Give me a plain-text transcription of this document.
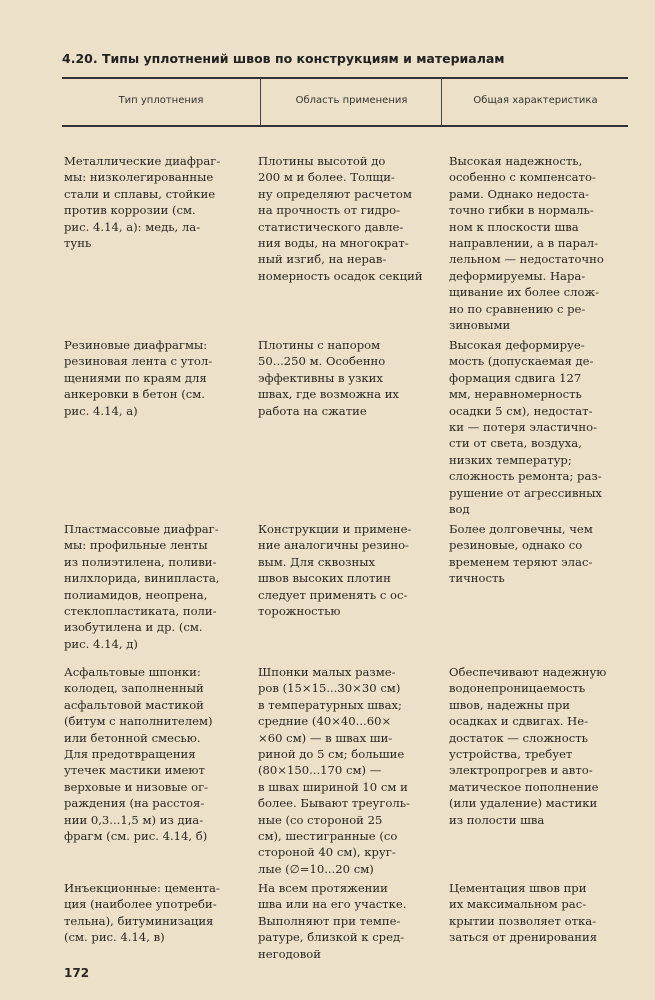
4.20. Типы уплотнений швов по конструкциям и материалам
Тип уплотнения	Область применения	Общая характеристика
Металлические диафраг-
мы: низколегированные
стали и сплавы, стойкие
против коррозии (см.
рис. 4.14, а): медь, ла-
тунь
Плотины высотой до
200 м и более. Толщи-
ну определяют расчетом
на прочность от гидро-
статистического давле-
ния воды, на многократ-
ный изгиб, на нерав-
номерность осадок секций
Высокая надежность,
особенно с компенсато-
рами. Однако недоста-
точно гибки в нормаль-
ном к плоскости шва
направлении, а в парал-
лельном — недостаточно
деформируемы. Нара-
щивание их более слож-
но по сравнению с ре-
зиновыми
Резиновые диафрагмы:
резиновая лента с утол-
щениями по краям для
анкеровки в бетон (см.
рис. 4.14, а)
Плотины с напором
50...250 м. Особенно
эффективны в узких
швах, где возможна их
работа на сжатие
Высокая деформируе-
мость (допускаемая де-
формация сдвига 127
мм, неравномерность
осадки 5 см), недостат-
ки — потеря эластично-
сти от света, воздуха,
низких температур;
сложность ремонта; раз-
рушение от агрессивных
вод
Пластмассовые диафраг-
мы: профильные ленты
из полиэтилена, поливи-
нилхлорида, винипласта,
полиамидов, неопрена,
стеклопластиката, поли-
изобутилена и др. (см.
рис. 4.14, д)
Конструкции и примене-
ние аналогичны резино-
вым. Для сквозных
швов высоких плотин
следует применять с ос-
торожностью
Более долговечны, чем
резиновые, однако со
временем теряют элас-
тичность
Асфальтовые шпонки:
колодец, заполненный
асфальтовой мастикой
(битум с наполнителем)
или бетонной смесью.
Для предотвращения
утечек мастики имеют
верховые и низовые ог-
раждения (на расстоя-
нии 0,3...1,5 м) из диа-
фрагм (см. рис. 4.14, б)
Шпонки малых разме-
ров (15×15...30×30 см)
в температурных швах;
средние (40×40...60×
×60 см) — в швах ши-
риной до 5 см; большие
(80×150...170 см) —
в швах шириной 10 см и
более. Бывают треуголь-
ные (со стороной 25
см), шестигранные (со
стороной 40 см), круг-
лые (∅=10...20 см)
Обеспечивают надежную
водонепроницаемость
швов, надежны при
осадках и сдвигах. Не-
достаток — сложность
устройства, требует
электропрогрев и авто-
матическое пополнение
(или удаление) мастики
из полости шва
Инъекционные: цемента-
ция (наиболее употреби-
тельна), битуминизация
(см. рис. 4.14, в)
На всем протяжении
шва или на его участке.
Выполняют при темпе-
ратуре, близкой к сред-
негодовой
Цементация швов при
их максимальном рас-
крытии позволяет отка-
заться от дренирования
172
